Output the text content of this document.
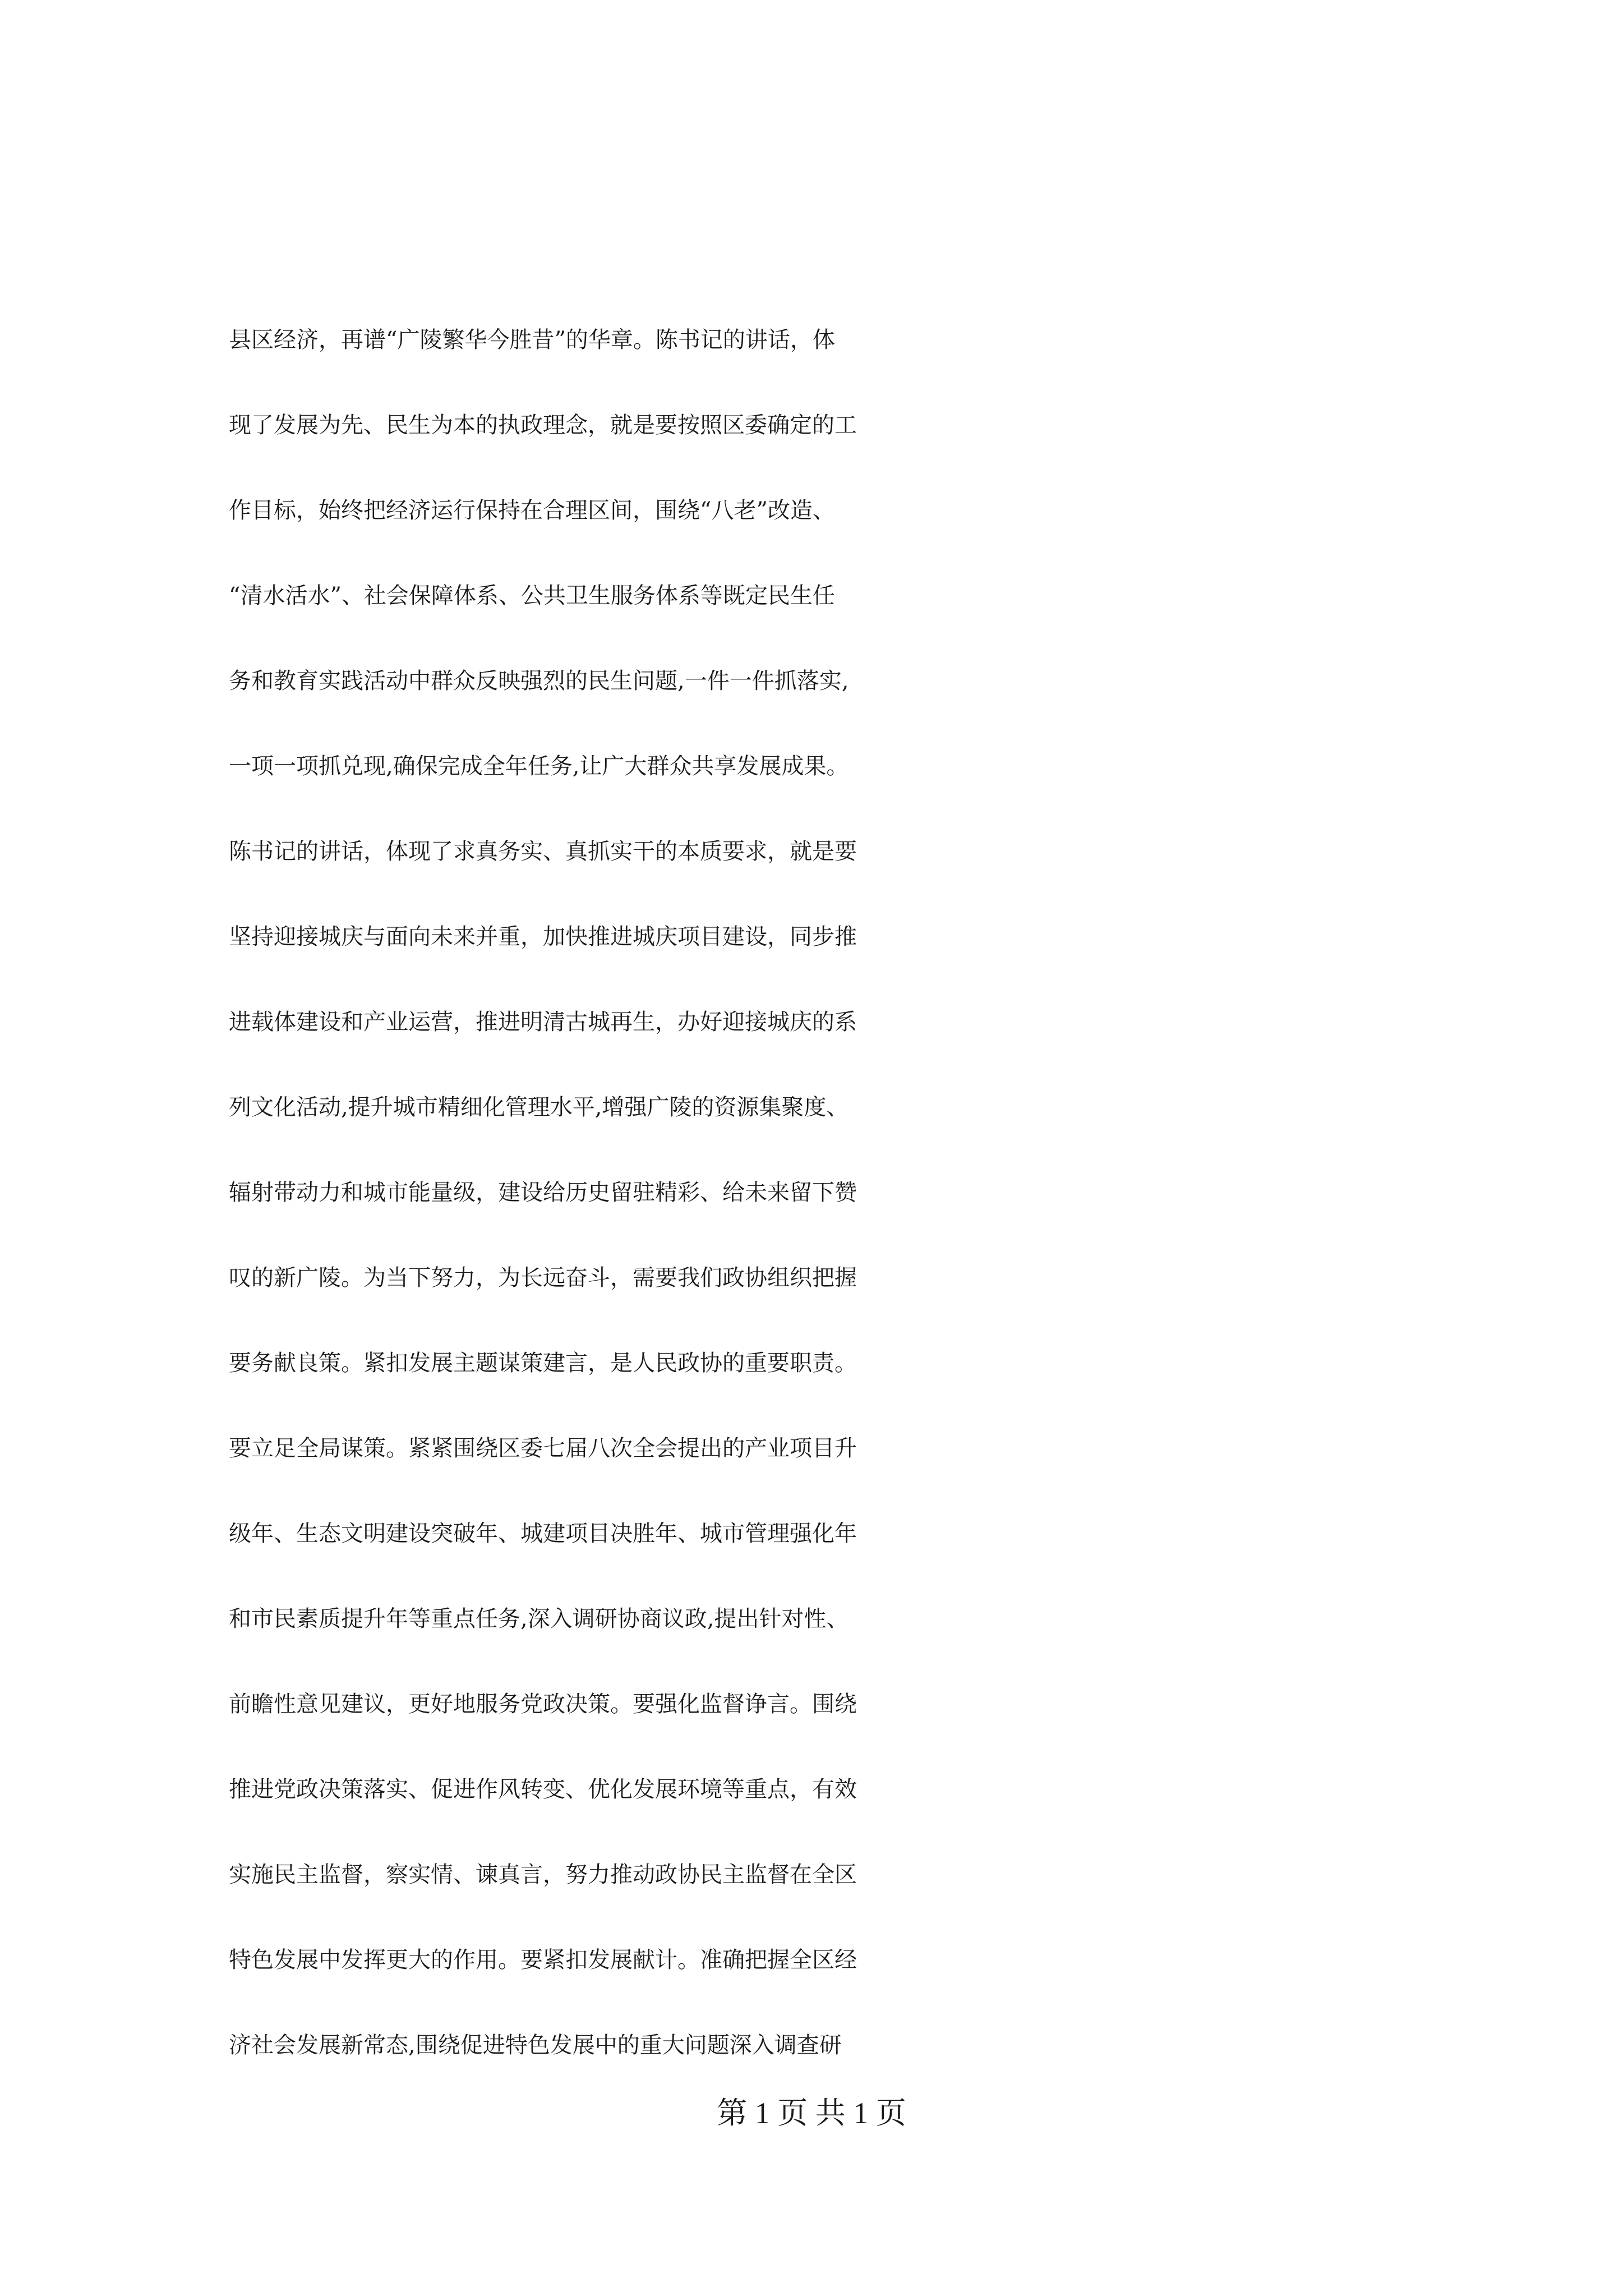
县区经济，再谱“广陵繁华今胜昔”的华章。陈书记的讲话，体
现了发展为先、民生为本的执政理念，就是要按照区委确定的工
作目标，始终把经济运行保持在合理区间，围绕“八老”改造、
“清水活水”、社会保障体系、公共卫生服务体系等既定民生任
务和教育实践活动中群众反映强烈的民生问题,一件一件抓落实,
一项一项抓兑现,确保完成全年任务,让广大群众共享发展成果。
陈书记的讲话，体现了求真务实、真抓实干的本质要求，就是要
坚持迎接城庆与面向未来并重，加快推进城庆项目建设，同步推
进载体建设和产业运营，推进明清古城再生，办好迎接城庆的系
列文化活动,提升城市精细化管理水平,增强广陵的资源集聚度、
辐射带动力和城市能量级，建设给历史留驻精彩、给未来留下赞
叹的新广陵。为当下努力，为长远奋斗，需要我们政协组织把握
要务献良策。紧扣发展主题谋策建言，是人民政协的重要职责。
要立足全局谋策。紧紧围绕区委七届八次全会提出的产业项目升
级年、生态文明建设突破年、城建项目决胜年、城市管理强化年
和市民素质提升年等重点任务,深入调研协商议政,提出针对性、
前瞻性意见建议，更好地服务党政决策。要强化监督诤言。围绕
推进党政决策落实、促进作风转变、优化发展环境等重点，有效
实施民主监督，察实情、谏真言，努力推动政协民主监督在全区
特色发展中发挥更大的作用。要紧扣发展献计。准确把握全区经
济社会发展新常态,围绕促进特色发展中的重大问题深入调查研
第 1 页 共 1 页
